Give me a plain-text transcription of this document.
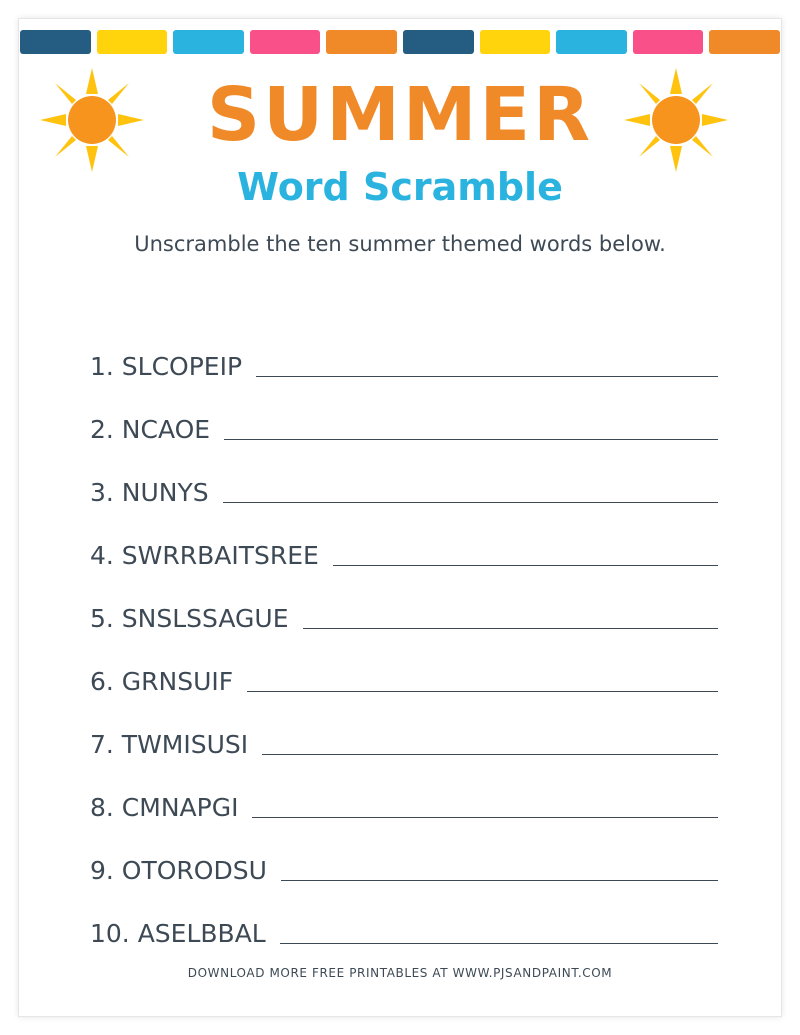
SUMMER
Word Scramble
Unscramble the ten summer themed words below.
1. SLCOPEIP
2. NCAOE
3. NUNYS
4. SWRRBAITSREE
5. SNSLSSAGUE
6. GRNSUIF
7. TWMISUSI
8. CMNAPGI
9. OTORODSU
10. ASELBBAL
DOWNLOAD MORE FREE PRINTABLES AT WWW.PJSANDPAINT.COM
